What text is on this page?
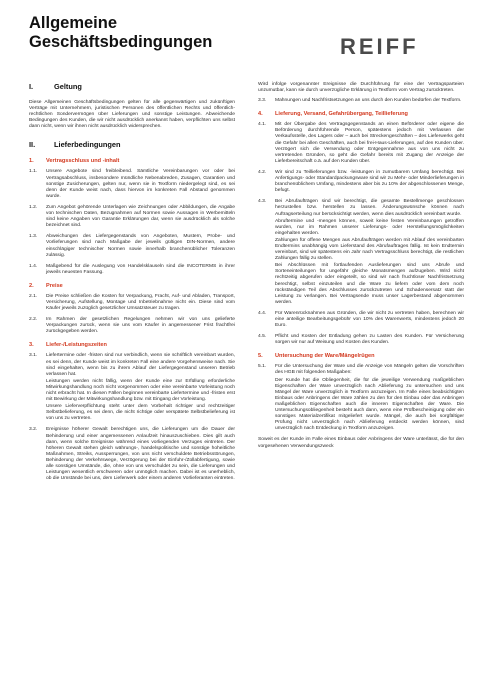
Allgemeine
Geschäftsbedingungen	REIFF
I.	Geltung

Diese Allgemeinen Geschäftsbedingungen gelten für alle gegenwärtigen und zukünftigen Verträge mit Unternehmern, juristischen Personen des öffentlichen Rechts und öffentlich-rechtlichen Sondervermögen über Lieferungen und sonstige Leistungen. Abweichende Bedingungen des Kunden, die wir nicht ausdrücklich anerkannt haben, verpflichten uns selbst dann nicht, wenn wir ihnen nicht ausdrücklich widersprechen.

II.	Lieferbedingungen
1.	Vertragsschluss und -inhalt
1.1.	Unsere Angebote sind freibleibend. Sämtliche Vereinbarungen vor oder bei Vertragsabschluss, insbesondere mündliche Nebenabreden, Zusagen, Garantien und sonstige Zusicherungen, gelten nur, wenn sie in Textform niedergelegt sind, es sei denn der Kunde weist nach, dass hiervon im konkreten Fall Abstand genommen wurde.

1.2.	Zum Angebot gehörende Unterlagen wie Zeichnungen oder Abbildungen, die Angabe von technischen Daten, Bezugnahmen auf Normen sowie Aussagen in Werbemitteln sind keine Angaben von Garantie Erklärungen dar, wenn sie ausdrücklich als solche bezeichnet sind.

1.3.	Abweichungen des Liefergegenstands von Angeboten, Mustern, Probe- und Vorlieferungen sind nach Maßgabe der jeweils gültigen DIN-Normen, andere einschlägiger technischer Normen sowie innerhalb branchenüblicher Toleranzen zulässig.

1.4.	Maßgebend für die Auslegung von Handelsklauseln sind die INCOTERMS in ihrer jeweils neuesten Fassung.

2.	Preise
2.1.	Die Preise schließen die Kosten für Verpackung, Fracht, Auf- und Abladen, Transport, Versicherung, Aufstellung, Montage und Inbetriebnahme nicht ein. Diese sind vom Käufer jeweils zuzüglich gesetzlicher Umsatzsteuer zu tragen.

2.2.	Im Rahmen der gesetzlichen Regelungen nehmen wir von uns gelieferte Verpackungen zurück, wenn sie uns vom Käufer in angemessener Frist frachtfrei zurückgegeben werden.

3.	Liefer-/Leistungszeiten
3.1.	Liefertermine oder -fristen sind nur verbindlich, wenn sie schriftlich vereinbart wurden, es sei denn, der Kunde weist im konkreten Fall eine andere Vorgehensweise nach. Sie sind eingehalten, wenn bis zu ihrem Ablauf der Liefergegenstand unseren Betrieb verlassen hat.

Leistungen werden nicht fällig, wenn der Kunde eine zur Erfüllung erforderliche Mitwirkungshandlung noch nicht vorgenommen oder eine vereinbarte Vorleistung noch nicht erbracht hat. In diesen Fällen beginnen vereinbarte Liefertermine und -fristen erst mit Bewirkung der Mitwirkungshandlung bzw. mit Eingang der Vorleistung.

Unsere Lieferverpflichtung steht unter dem Vorbehalt richtiger und rechtzeitiger Selbstbelieferung, es sei denn, die nicht richtige oder verspätete Selbstbelieferung ist von uns zu vertreten.

3.2.	Ereignisse höherer Gewalt berechtigen uns, die Lieferungen um die Dauer der Behinderung und einer angemessenen Anlaufzeit hinauszuschieben. Dies gilt auch dann, wenn solche Ereignisse während eines vorliegenden Verzuges eintreten. Der höheren Gewalt stehen gleich währungs-, handelspolitische und sonstige hoheitliche Maßnahmen, Streiks, Aussperrungen, von uns nicht verschuldete Betriebsstörungen, Behinderung der Verkehrswege, Verzögerung bei der Einfuhr-/Zollabfertigung, sowie alle sonstigen Umstände, die, ohne von uns verschuldet zu sein, die Lieferungen und Leistungen wesentlich erschweren oder unmöglich machen. Dabei ist es unerheblich, ob die Umstände bei uns, dem Lieferwerk oder einem anderen Vorlieferanten eintreten.

Wird infolge vorgenannter Ereignisse die Durchführung für eine der Vertragsparteien unzumutbar, kann sie durch unverzügliche Erklärung in Textform vom Vertrag zurücktreten.

3.3.	Mahnungen und Nachfristsetzungen an uns durch den Kunden bedürfen der Textform.

4.	Lieferung, Versand, Gefahrübergang, Teillieferung
4.1.	Mit der Übergabe des Vertragsgegenstands an einen Beförderer oder eigene die Beförderung durchführende Person, spätestens jedoch mit Verlassen der Verkaufsstelle, des Lagers oder – auch bei Streckengeschäften – des Lieferwerks geht die Gefahr bei allen Geschäften, auch bei frei-Haus-Lieferungen, auf den Kunden über. Verzögert sich die Versendung oder Entgegennahme aus von uns nicht zu vertretenden Gründen, so geht die Gefahr bereits mit Zugang der Anzeige der Lieferbereitschaft o.ä. auf den Kunden über.

4.2.	Wir sind zu Teillieferungen bzw. -leistungen in zumutbarem Umfang berechtigt. Bei Anfertigungs- oder Standardpackungsware sind wir zu Mehr- oder Minderlieferungen in branchenüblichem Umfang, mindestens aber bis zu 10% der abgeschlossenen Menge, befugt.

4.3.	Bei Abrufaufträgen sind wir berechtigt, die gesamte Bestellmenge geschlossen herzustellen bzw. herstellen zu lassen. Änderungswünsche können nach Auftragserteilung nur berücksichtigt werden, wenn dies ausdrücklich vereinbart wurde.

Abruftermine und -mengen können, soweit keine festen Vereinbarungen getroffen wurden, nur im Rahmen unserer Lieferungs- oder Herstellungsmöglichkeiten eingehalten werden.

Zahlungen für offene Mengen aus Abrufaufträgen werden mit Ablauf des vereinbarten Endtermins unabhängig vom Lieferstand des Abrufauftrages fällig. Ist kein Endtermin vereinbart, sind wir spätestens ein Jahr nach Vertragsschluss berechtigt, die restlichen Zahlungen fällig zu stellen.

Bei Abschlüssen mit fortlaufenden Auslieferungen sind uns Abrufe und Sorteneinteilungen für ungefähr gleiche Monatsmengen aufzugeben. Wird nicht rechtzeitig abgerufen oder eingeteilt, so sind wir nach fruchtloser Nachfristsetzung berechtigt, selbst einzuteilen und die Ware zu liefern oder vom dem noch rückständigen Teil des Abschlusses zurückzutreten und Schadensersatz statt der Leistung zu verlangen. Bei Vertragsende muss unser Lagerbestand abgenommen werden.

4.4.	Für Warenrücknahmen aus Gründen, die wir nicht zu vertreten haben, berechnen wir eine anteilige Bearbeitungsgebühr von 10% des Warenwerts, mindestens jedoch 20 Euro.

4.5.	Pflicht und Kosten der Entladung gehen zu Lasten des Kunden. Für Versicherung sorgen wir nur auf Weisung und Kosten des Kunden.

5.	Untersuchung der Ware/Mängelrügen
5.1.	Für die Untersuchung der Ware und die Anzeige von Mängeln gelten die Vorschriften des HGB mit folgenden Maßgaben:

Der Kunde hat die Obliegenheit, die für die jeweilige Verwendung maßgeblichen Eigenschaften der Ware unverzüglich nach Ablieferung zu untersuchen und uns Mängel der Ware unverzüglich in Textform anzuzeigen. Im Falle eines beabsichtigten Einbaus oder Anbringens der Ware zählen zu den für den Einbau oder das Anbringen maßgeblichen Eigenschaften auch die inneren Eigenschaften der Ware. Die Untersuchungsobliegenheit besteht auch dann, wenn eine Prüfbescheinigung oder ein sonstiges Materialzertifikat mitgeliefert wurde. Mängel, die auch bei sorgfältiger Prüfung nicht unverzüglich nach Ablieferung entdeckt werden können, sind unverzüglich nach Entdeckung in Textform anzuzeigen.

Soweit es der Kunde im Falle eines Einbaus oder Anbringens der Ware unterlässt, die für den vorgesehenen Verwendungszweck
